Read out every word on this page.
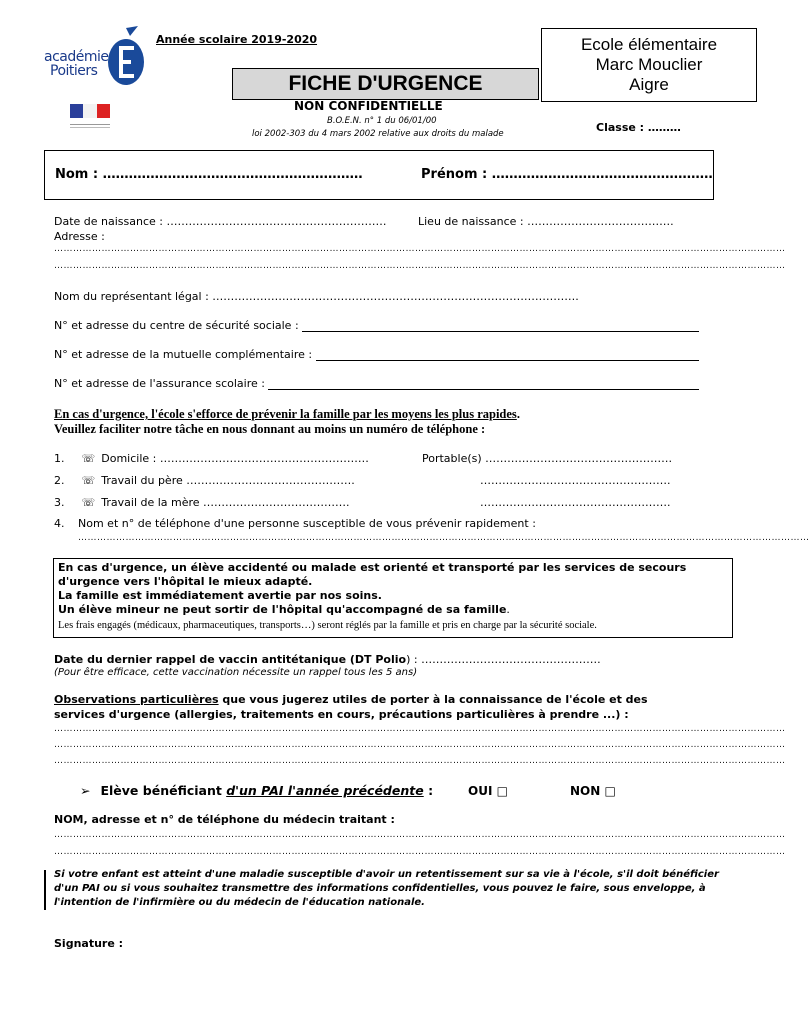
académie
Poitiers
Année scolaire 2019-2020
FICHE D'URGENCE
NON CONFIDENTIELLE
B.O.E.N. n° 1 du 06/01/00
loi 2002-303 du 4 mars 2002 relative aux droits du malade
Ecole élémentaire
Marc Mouclier
Aigre
Classe : ………
Nom : ……………………………………………………	Prénom : ……………………………………………
Date de naissance : ……………………………………………………	Lieu de naissance : ………………………………….
Adresse :
……………………………………………………………………………………………………………………………………………………………………………………………………………
……………………………………………………………………………………………………………………………………………………………………………………………………………
Nom du représentant légal : ……………………………………………………………………………………….
N° et adresse du centre de sécurité sociale :
N° et adresse de la mutuelle complémentaire :
N° et adresse de l'assurance scolaire :
En cas d'urgence, l'école s'efforce de prévenir la famille par les moyens les plus rapides.
Veuillez faciliter notre tâche en nous donnant au moins un numéro de téléphone :
1. ☏ Domicile : …………………………………………………	Portable(s) ……………………………………………
2. ☏ Travail du père ……………………………………….	…………………………………………….
3. ☏ Travail de la mère ………………………………….	…………………………………………….
4. Nom et n° de téléphone d'une personne susceptible de vous prévenir rapidement :
……………………………………………………………………………………………………………………………………………………………………………………………………………
En cas d'urgence, un élève accidenté ou malade est orienté et transporté par les services de secours d'urgence vers l'hôpital le mieux adapté.
La famille est immédiatement avertie par nos soins.
Un élève mineur ne peut sortir de l'hôpital qu'accompagné de sa famille.
Les frais engagés (médicaux, pharmaceutiques, transports…) seront réglés par la famille et pris en charge par la sécurité sociale.
Date du dernier rappel de vaccin antitétanique (DT Polio) : ………………………………………….
(Pour être efficace, cette vaccination nécessite un rappel tous les 5 ans)
Observations particulières que vous jugerez utiles de porter à la connaissance de l'école et des services d'urgence (allergies, traitements en cours, précautions particulières à prendre ...) :
……………………………………………………………………………………………………………………………………………………………………………………………………………
……………………………………………………………………………………………………………………………………………………………………………………………………………
……………………………………………………………………………………………………………………………………………………………………………………………………………
➢ Elève bénéficiant d'un PAI l'année précédente :	OUI □	NON □
NOM, adresse et n° de téléphone du médecin traitant :
……………………………………………………………………………………………………………………………………………………………………………………………………………
……………………………………………………………………………………………………………………………………………………………………………………………………………
Si votre enfant est atteint d'une maladie susceptible d'avoir un retentissement sur sa vie à l'école, s'il doit bénéficier d'un PAI ou si vous souhaitez transmettre des informations confidentielles, vous pouvez le faire, sous enveloppe, à l'intention de l'infirmière ou du médecin de l'éducation nationale.
Signature :
